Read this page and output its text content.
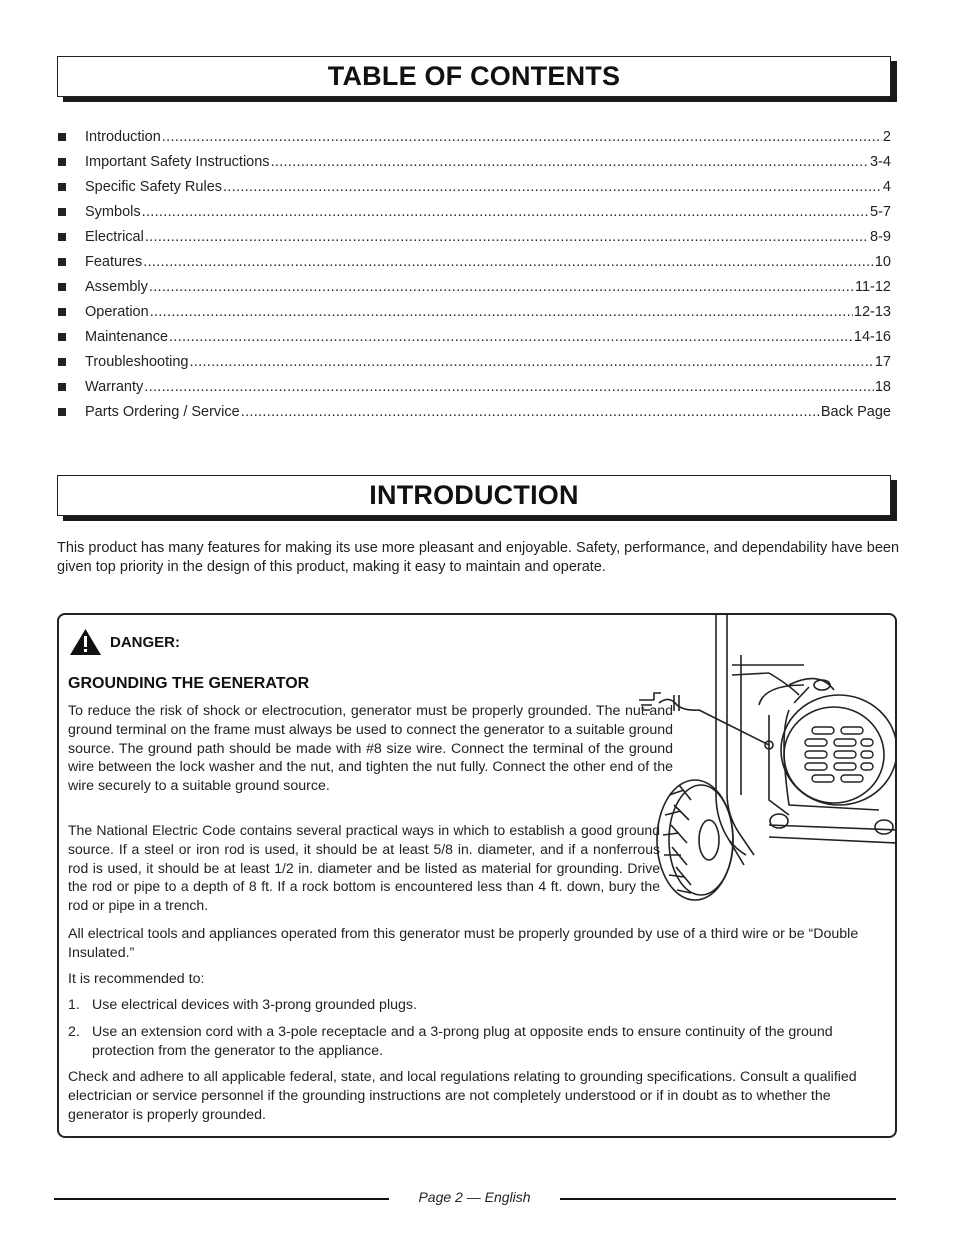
TABLE OF CONTENTS
Introduction .....	2
Important Safety Instructions .....	3-4
Specific Safety Rules .....	4
Symbols .....	5-7
Electrical .....	8-9
Features .....	10
Assembly .....	11-12
Operation .....	12-13
Maintenance .....	14-16
Troubleshooting .....	17
Warranty .....	18
Parts Ordering / Service .....	Back Page
INTRODUCTION

This product has many features for making its use more pleasant and enjoyable. Safety, performance, and dependability have been given top priority in the design of this product, making it easy to maintain and operate.

DANGER:

GROUNDING THE GENERATOR

To reduce the risk of shock or electrocution, generator must be properly grounded. The nut and ground terminal on the frame must always be used to connect the generator to a suitable ground source. The ground path should be made with #8 size wire. Connect the terminal of the ground wire between the lock washer and the nut, and tighten the nut fully. Connect the other end of the wire securely to a suitable ground source.

The National Electric Code contains several practical ways in which to establish a good ground source. If a steel or iron rod is used, it should be at least 5/8 in. diameter, and if a nonferrous rod is used, it should be at least 1/2 in. diameter and be listed as material for grounding. Drive the rod or pipe to a depth of 8 ft. If a rock bottom is encountered less than 4 ft. down, bury the rod or pipe in a trench.

All electrical tools and appliances operated from this generator must be properly grounded by use of a third wire or be “Double Insulated.”

It is recommended to:

1. Use electrical devices with 3-prong grounded plugs.
2. Use an extension cord with a 3-pole receptacle and a 3-prong plug at opposite ends to ensure continuity of the ground protection from the generator to the appliance.

Check and adhere to all applicable federal, state, and local regulations relating to grounding specifications. Consult a qualified electrician or service personnel if the grounding instructions are not completely understood or if in doubt as to whether the generator is properly grounded.

Page 2 — English
